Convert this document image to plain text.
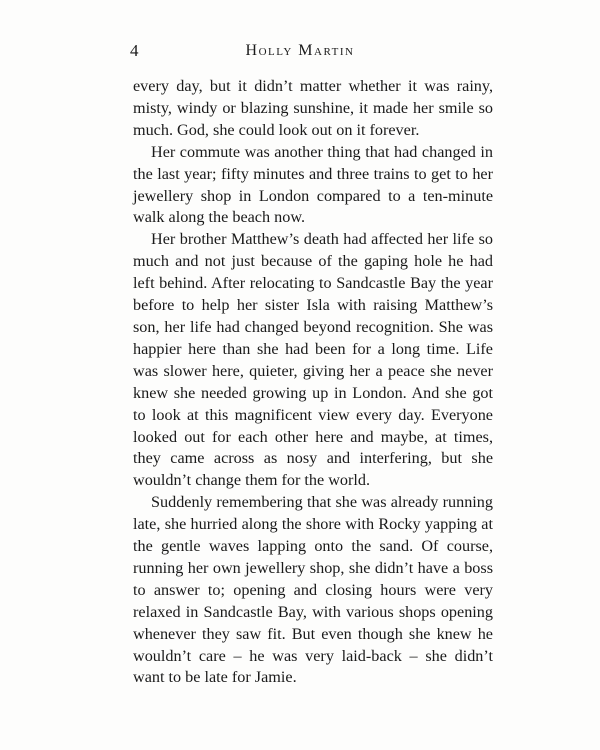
4	Holly Martin

every day, but it didn’t matter whether it was rainy, misty, windy or blazing sunshine, it made her smile so much. God, she could look out on it forever.

Her commute was another thing that had changed in the last year; fifty minutes and three trains to get to her jewellery shop in London compared to a ten-minute walk along the beach now.

Her brother Matthew’s death had affected her life so much and not just because of the gaping hole he had left behind. After relocating to Sandcastle Bay the year before to help her sister Isla with raising Matthew’s son, her life had changed beyond recognition. She was happier here than she had been for a long time. Life was slower here, quieter, giving her a peace she never knew she needed growing up in London. And she got to look at this magnificent view every day. Everyone looked out for each other here and maybe, at times, they came across as nosy and interfering, but she wouldn’t change them for the world.

Suddenly remembering that she was already running late, she hurried along the shore with Rocky yapping at the gentle waves lapping onto the sand. Of course, running her own jewellery shop, she didn’t have a boss to answer to; opening and closing hours were very relaxed in Sandcastle Bay, with various shops opening whenever they saw fit. But even though she knew he wouldn’t care – he was very laid-back – she didn’t want to be late for Jamie.
